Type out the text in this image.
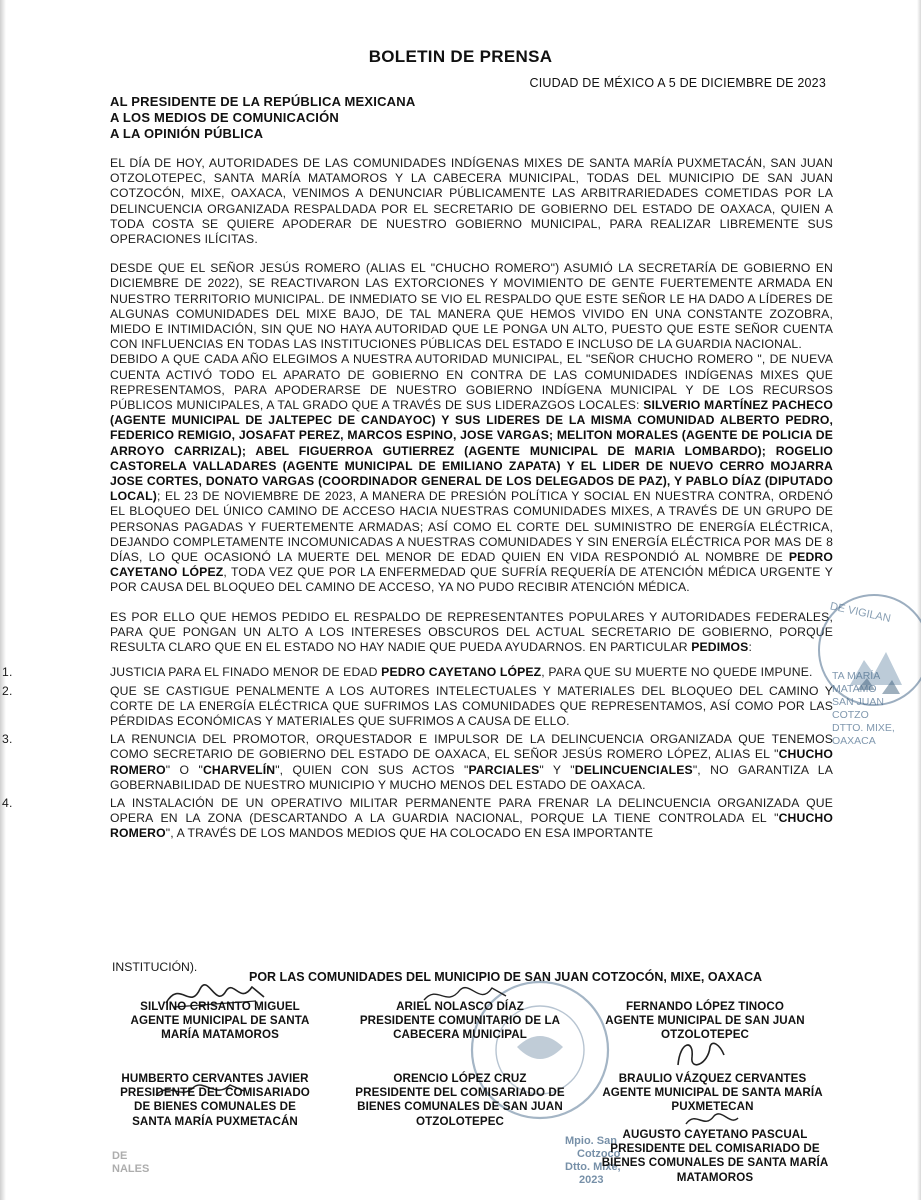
BOLETIN DE PRENSA
CIUDAD DE MÉXICO A 5 DE DICIEMBRE DE 2023
AL PRESIDENTE DE LA REPÚBLICA MEXICANA
A LOS MEDIOS DE COMUNICACIÓN
A LA OPINIÓN PÚBLICA

EL DÍA DE HOY, AUTORIDADES DE LAS COMUNIDADES INDÍGENAS MIXES DE SANTA MARÍA PUXMETACÁN, SAN JUAN OTZOLOTEPEC, SANTA MARÍA MATAMOROS Y LA CABECERA MUNICIPAL, TODAS DEL MUNICIPIO DE SAN JUAN COTZOCÓN, MIXE, OAXACA, VENIMOS A DENUNCIAR PÚBLICAMENTE LAS ARBITRARIEDADES COMETIDAS POR LA DELINCUENCIA ORGANIZADA RESPALDADA POR EL SECRETARIO DE GOBIERNO DEL ESTADO DE OAXACA, QUIEN A TODA COSTA SE QUIERE APODERAR DE NUESTRO GOBIERNO MUNICIPAL, PARA REALIZAR LIBREMENTE SUS OPERACIONES ILÍCITAS.

DESDE QUE EL SEÑOR JESÚS ROMERO (ALIAS EL "CHUCHO ROMERO") ASUMIÓ LA SECRETARÍA DE GOBIERNO EN DICIEMBRE DE 2022), SE REACTIVARON LAS EXTORCIONES Y MOVIMIENTO DE GENTE FUERTEMENTE ARMADA EN NUESTRO TERRITORIO MUNICIPAL. DE INMEDIATO SE VIO EL RESPALDO QUE ESTE SEÑOR LE HA DADO A LÍDERES DE ALGUNAS COMUNIDADES DEL MIXE BAJO, DE TAL MANERA QUE HEMOS VIVIDO EN UNA CONSTANTE ZOZOBRA, MIEDO E INTIMIDACIÓN, SIN QUE NO HAYA AUTORIDAD QUE LE PONGA UN ALTO, PUESTO QUE ESTE SEÑOR CUENTA CON INFLUENCIAS EN TODAS LAS INSTITUCIONES PÚBLICAS DEL ESTADO E INCLUSO DE LA GUARDIA NACIONAL.

DEBIDO A QUE CADA AÑO ELEGIMOS A NUESTRA AUTORIDAD MUNICIPAL, EL "SEÑOR CHUCHO ROMERO ", DE NUEVA CUENTA ACTIVÓ TODO EL APARATO DE GOBIERNO EN CONTRA DE LAS COMUNIDADES INDÍGENAS MIXES QUE REPRESENTAMOS, PARA APODERARSE DE NUESTRO GOBIERNO INDÍGENA MUNICIPAL Y DE LOS RECURSOS PÚBLICOS MUNICIPALES, A TAL GRADO QUE A TRAVÉS DE SUS LIDERAZGOS LOCALES: SILVERIO MARTÍNEZ PACHECO (AGENTE MUNICIPAL DE JALTEPEC DE CANDAYOC) Y SUS LIDERES DE LA MISMA COMUNIDAD ALBERTO PEDRO, FEDERICO REMIGIO, JOSAFAT PEREZ, MARCOS ESPINO, JOSE VARGAS; MELITON MORALES (AGENTE DE POLICIA DE ARROYO CARRIZAL); ABEL FIGUERROA GUTIERREZ (AGENTE MUNICIPAL DE MARIA LOMBARDO); ROGELIO CASTORELA VALLADARES (AGENTE MUNICIPAL DE EMILIANO ZAPATA) Y EL LIDER DE NUEVO CERRO MOJARRA JOSE CORTES, DONATO VARGAS (COORDINADOR GENERAL DE LOS DELEGADOS DE PAZ), Y PABLO DÍAZ (DIPUTADO LOCAL); EL 23 DE NOVIEMBRE DE 2023, A MANERA DE PRESIÓN POLÍTICA Y SOCIAL EN NUESTRA CONTRA, ORDENÓ EL BLOQUEO DEL ÚNICO CAMINO DE ACCESO HACIA NUESTRAS COMUNIDADES MIXES, A TRAVÉS DE UN GRUPO DE PERSONAS PAGADAS Y FUERTEMENTE ARMADAS; ASÍ COMO EL CORTE DEL SUMINISTRO DE ENERGÍA ELÉCTRICA, DEJANDO COMPLETAMENTE INCOMUNICADAS A NUESTRAS COMUNIDADES Y SIN ENERGÍA ELÉCTRICA POR MAS DE 8 DÍAS, LO QUE OCASIONÓ LA MUERTE DEL MENOR DE EDAD QUIEN EN VIDA RESPONDIÓ AL NOMBRE DE PEDRO CAYETANO LÓPEZ, TODA VEZ QUE POR LA ENFERMEDAD QUE SUFRÍA REQUERÍA DE ATENCIÓN MÉDICA URGENTE Y POR CAUSA DEL BLOQUEO DEL CAMINO DE ACCESO, YA NO PUDO RECIBIR ATENCIÓN MÉDICA.

ES POR ELLO QUE HEMOS PEDIDO EL RESPALDO DE REPRESENTANTES POPULARES Y AUTORIDADES FEDERALES, PARA QUE PONGAN UN ALTO A LOS INTERESES OBSCUROS DEL ACTUAL SECRETARIO DE GOBIERNO, PORQUE RESULTA CLARO QUE EN EL ESTADO NO HAY NADIE QUE PUEDA AYUDARNOS. EN PARTICULAR PEDIMOS:

1 .	JUSTICIA PARA EL FINADO MENOR DE EDAD PEDRO CAYETANO LÓPEZ, PARA QUE SU MUERTE NO QUEDE IMPUNE.
2 .	QUE SE CASTIGUE PENALMENTE A LOS AUTORES INTELECTUALES Y MATERIALES DEL BLOQUEO DEL CAMINO Y CORTE DE LA ENERGÍA ELÉCTRICA QUE SUFRIMOS LAS COMUNIDADES QUE REPRESENTAMOS, ASÍ COMO POR LAS PÉRDIDAS ECONÓMICAS Y MATERIALES QUE SUFRIMOS A CAUSA DE ELLO.
3 .	LA RENUNCIA DEL PROMOTOR, ORQUESTADOR E IMPULSOR DE LA DELINCUENCIA ORGANIZADA QUE TENEMOS COMO SECRETARIO DE GOBIERNO DEL ESTADO DE OAXACA, EL SEÑOR JESÚS ROMERO LÓPEZ, ALIAS EL "CHUCHO ROMERO" O "CHARVELÍN", QUIEN CON SUS ACTOS "PARCIALES" Y "DELINCUENCIALES", NO GARANTIZA LA GOBERNABILIDAD DE NUESTRO MUNICIPIO Y MUCHO MENOS DEL ESTADO DE OAXACA.
4 .	LA INSTALACIÓN DE UN OPERATIVO MILITAR PERMANENTE PARA FRENAR LA DELINCUENCIA ORGANIZADA QUE OPERA EN LA ZONA (DESCARTANDO A LA GUARDIA NACIONAL, PORQUE LA TIENE CONTROLADA EL "CHUCHO ROMERO", A TRAVÉS DE LOS MANDOS MEDIOS QUE HA COLOCADO EN ESA IMPORTANTE
INSTITUCIÓN).
POR LAS COMUNIDADES DEL MUNICIPIO DE SAN JUAN COTZOCÓN, MIXE, OAXACA
DE VIGILAN
TA MARÍA MATAMO
SAN JUAN COTZO
DTTO. MIXE, OAXACA
Mpio. San
Cotzoco
Dtto. Mixe,
2023
DE
NALES
SILVINO CRISANTO MIGUEL
AGENTE MUNICIPAL DE SANTA
MARÍA MATAMOROS
ARIEL NOLASCO DÍAZ
PRESIDENTE COMUNITARIO DE LA
CABECERA MUNICIPAL
FERNANDO LÓPEZ TINOCO
AGENTE MUNICIPAL DE SAN JUAN
OTZOLOTEPEC
HUMBERTO CERVANTES JAVIER
PRESIDENTE DEL COMISARIADO
DE BIENES COMUNALES DE
SANTA MARÍA PUXMETACÁN
ORENCIO LÓPEZ CRUZ
PRESIDENTE DEL COMISARIADO DE
BIENES COMUNALES DE SAN JUAN
OTZOLOTEPEC
BRAULIO VÁZQUEZ CERVANTES
AGENTE MUNICIPAL DE SANTA MARÍA
PUXMETECAN
AUGUSTO CAYETANO PASCUAL
PRESIDENTE DEL COMISARIADO DE
BIENES COMUNALES DE SANTA MARÍA
MATAMOROS
